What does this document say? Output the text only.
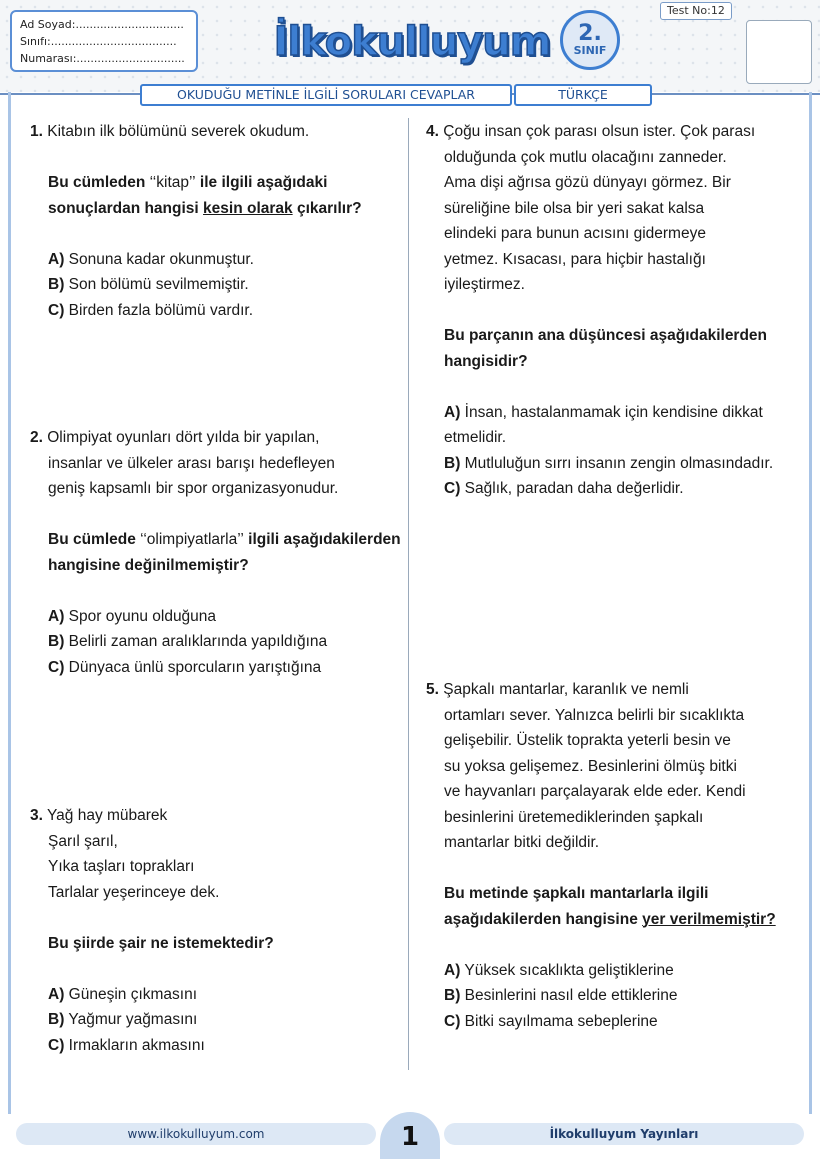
Ad Soyad:...............................
Sınıfı:....................................
Numarası:............................... İlkokulluyum 2.
SINIF
Test No:12
OKUDUĞU METİNLE İLGİLİ SORULARI CEVAPLAR	TÜRKÇE

1. Kitabın ilk bölümünü severek okudum.

Bu cümleden ‘‘kitap’’ ile ilgili aşağıdaki sonuçlardan hangisi kesin olarak çıkarılır?

A) Sonuna kadar okunmuştur.

B) Son bölümü sevilmemiştir.

C) Birden fazla bölümü vardır.

2. Olimpiyat oyunları dört yılda bir yapılan,

insanlar ve ülkeler arası barışı hedefleyen

geniş kapsamlı bir spor organizasyonudur.

Bu cümlede ‘‘olimpiyatlarla’’ ilgili aşağıdakilerden hangisine değinilmemiştir?

A) Spor oyunu olduğuna

B) Belirli zaman aralıklarında yapıldığına

C) Dünyaca ünlü sporcuların yarıştığına

3. Yağ hay mübarek

Şarıl şarıl,

Yıka taşları toprakları

Tarlalar yeşerinceye dek.

Bu şiirde şair ne istemektedir?

A) Güneşin çıkmasını

B) Yağmur yağmasını

C) Irmakların akmasını

4. Çoğu insan çok parası olsun ister. Çok parası

olduğunda çok mutlu olacağını zanneder.

Ama dişi ağrısa gözü dünyayı görmez. Bir

süreliğine bile olsa bir yeri sakat kalsa

elindeki para bunun acısını gidermeye

yetmez. Kısacası, para hiçbir hastalığı

iyileştirmez.

Bu parçanın ana düşüncesi aşağıdakilerden hangisidir?

A) İnsan, hastalanmamak için kendisine dikkat etmelidir.

B) Mutluluğun sırrı insanın zengin olmasındadır.

C) Sağlık, paradan daha değerlidir.

5. Şapkalı mantarlar, karanlık ve nemli

ortamları sever. Yalnızca belirli bir sıcaklıkta

gelişebilir. Üstelik toprakta yeterli besin ve

su yoksa gelişemez. Besinlerini ölmüş bitki

ve hayvanları parçalayarak elde eder. Kendi

besinlerini üretemediklerinden şapkalı

mantarlar bitki değildir.

Bu metinde şapkalı mantarlarla ilgili aşağıdakilerden hangisine yer verilmemiştir?

A) Yüksek sıcaklıkta geliştiklerine

B) Besinlerini nasıl elde ettiklerine

C) Bitki sayılmama sebeplerine

www.ilkokulluyum.com	1	İlkokulluyum Yayınları
